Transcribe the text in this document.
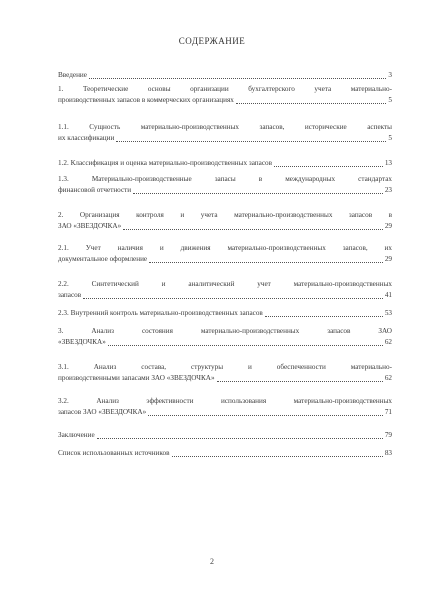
СОДЕРЖАНИЕ
Введение	3
1. Теоретические основы организации бухгалтерского учета материально-
производственных запасов в коммерческих организациях	5
1.1. Сущность материально-производственных запасов, исторические аспекты
их классификации	5
1.2. Классификация и оценка материально-производственных запасов	13
1.3. Материально-производственные запасы в международных стандартах
финансовой отчетности	23
2. Организация контроля и учета материально-производственных запасов в
ЗАО «ЗВЕЗДОЧКА»	29
2.1. Учет наличия и движения материально-производственных запасов, их
документальное оформление	29
2.2. Синтетический и аналитический учет материально-производственных
запасов	41
2.3. Внутренний контроль материально-производственных запасов	53
3. Анализ состояния материально-производственных запасов ЗАО
«ЗВЕЗДОЧКА»	62
3.1. Анализ состава, структуры и обеспеченности материально-
производственными запасами ЗАО «ЗВЕЗДОЧКА»	62
3.2. Анализ эффективности использования материально-производственных
запасов ЗАО «ЗВЕЗДОЧКА»	71
Заключение	79
Список использованных источников	83
2
